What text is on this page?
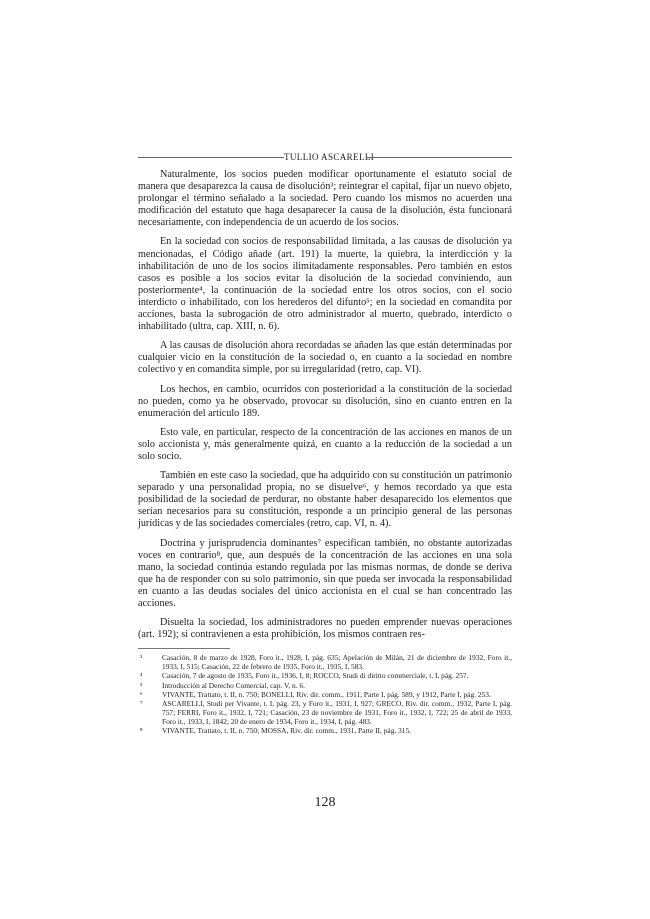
TULLIO ASCARELLI

Naturalmente, los socios pueden modificar oportunamente el estatuto social de manera que desaparezca la causa de disolución³; reintegrar el capital, fijar un nuevo objeto, prolongar el término señalado a la sociedad. Pero cuando los mismos no acuerden una modificación del estatuto que haga desaparecer la causa de la disolución, ésta funcionará necesariamente, con independencia de un acuerdo de los socios.

En la sociedad con socios de responsabilidad limitada, a las causas de disolución ya mencionadas, el Código añade (art. 191) la muerte, la quiebra, la interdicción y la inhabilitación de uno de los socios ilimitadamente responsables. Pero también en estos casos es posible a los socios evitar la disolución de la sociedad conviniendo, aun posteriormente⁴, la continuación de la sociedad entre los otros socios, con el socio interdicto o inhabilitado, con los herederos del difunto⁵; en la sociedad en comandita por acciones, basta la subrogación de otro administrador al muerto, quebrado, interdicto o inhabilitado (ultra, cap. XIII, n. 6).

A las causas de disolución ahora recordadas se añaden las que están determinadas por cualquier vicio en la constitución de la sociedad o, en cuanto a la sociedad en nombre colectivo y en comandita simple, por su irregularidad (retro, cap. VI).

Los hechos, en cambio, ocurridos con posterioridad a la constitución de la sociedad no pueden, como ya he observado, provocar su disolución, sino en cuanto entren en la enumeración del artículo 189.

Esto vale, en particular, respecto de la concentración de las acciones en manos de un solo accionista y, más generalmente quizá, en cuanto a la reducción de la sociedad a un solo socio.

También en este caso la sociedad, que ha adquirido con su constitución un patrimonio separado y una personalidad propia, no se disuelve⁶, y hemos recordado ya que esta posibilidad de la sociedad de perdurar, no obstante haber desaparecido los elementos que serían necesarios para su constitución, responde a un principio general de las personas jurídicas y de las sociedades comerciales (retro, cap. VI, n. 4).

Doctrina y jurisprudencia dominantes⁷ especifican también, no obstante autorizadas voces en contrario⁸, que, aun después de la concentración de las acciones en una sola mano, la sociedad continúa estando regulada por las mismas normas, de donde se deriva que ha de responder con su solo patrimonio, sin que pueda ser invocada la responsabilidad en cuanto a las deudas sociales del único accionista en el cual se han concentrado las acciones.

Disuelta la sociedad, los administradores no pueden emprender nuevas operaciones (art. 192); si contravienen a esta prohibición, los mismos contraen res-

³	Casación, 8 de marzo de 1928, Foro it., 1928, I, pág. 635; Apelación de Milán, 21 de diciembre de 1932, Foro it., 1933, I, 515; Casación, 22 de febrero de 1935, Foro it., 1935, I, 583.
⁴	Casación, 7 de agosto de 1935, Foro it., 1936, I, 8; ROCCO, Studi di diritto commerciale, t. I, pág. 257.
⁵	Introducción al Derecho Comercial, cap. V, n. 6.
⁶	VIVANTE, Trattato, t. II, n. 750; BONELLI, Riv. dir. comm., 1911, Parte I, pág. 589, y 1912, Parte I, pág. 253.
⁷	ASCARELLI, Studi per Vivante, t. I, pág. 23, y Foro it., 1931, I, 927; GRECO, Riv. dir. comm., 1932, Parte I, pág. 757; FERRI, Foro it., 1932, I, 721; Casación, 23 de noviembre de 1931, Foro it., 1932, I, 722; 25 de abril de 1933, Foro it., 1933, I, 1842; 20 de enero de 1934, Foro it., 1934, I, pág. 483.
⁸	VIVANTE, Trattato, t. II, n. 750; MOSSA, Riv. dir. comm., 1931, Parte II, pág. 315.
128
